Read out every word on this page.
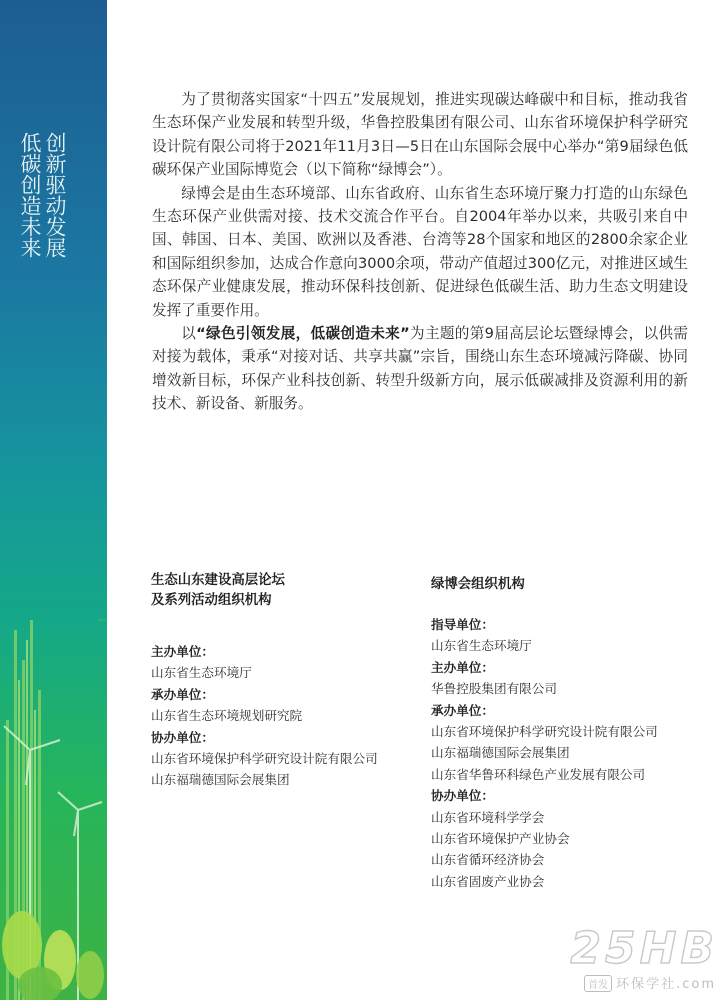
创新驱动发展
低碳创造未来

为了贯彻落实国家“十四五”发展规划，推进实现碳达峰碳中和目标，推动我省生态环保产业发展和转型升级，华鲁控股集团有限公司、山东省环境保护科学研究设计院有限公司将于2021年11月3日—5日在山东国际会展中心举办“第9届绿色低碳环保产业国际博览会（以下简称“绿博会”）。

绿博会是由生态环境部、山东省政府、山东省生态环境厅聚力打造的山东绿色生态环保产业供需对接、技术交流合作平台。自2004年举办以来，共吸引来自中国、韩国、日本、美国、欧洲以及香港、台湾等28个国家和地区的2800余家企业和国际组织参加，达成合作意向3000余项，带动产值超过300亿元，对推进区域生态环保产业健康发展，推动环保科技创新、促进绿色低碳生活、助力生态文明建设发挥了重要作用。

以“绿色引领发展，低碳创造未来”为主题的第9届高层论坛暨绿博会，以供需对接为载体，秉承“对接对话、共享共赢”宗旨，围绕山东生态环境减污降碳、协同增效新目标，环保产业科技创新、转型升级新方向，展示低碳减排及资源利用的新技术、新设备、新服务。

生态山东建设高层论坛
及系列活动组织机构

主办单位：

山东省生态环境厅

承办单位：

山东省生态环境规划研究院

协办单位：

山东省环境保护科学研究设计院有限公司

山东福瑞德国际会展集团

绿博会组织机构

指导单位：

山东省生态环境厅

主办单位：

华鲁控股集团有限公司

承办单位：

山东省环境保护科学研究设计院有限公司

山东福瑞德国际会展集团

山东省华鲁环科绿色产业发展有限公司

协办单位：

山东省环境科学学会

山东省环境保护产业协会

山东省循环经济协会

山东省固废产业协会

25HB
首发 环保学社.com
